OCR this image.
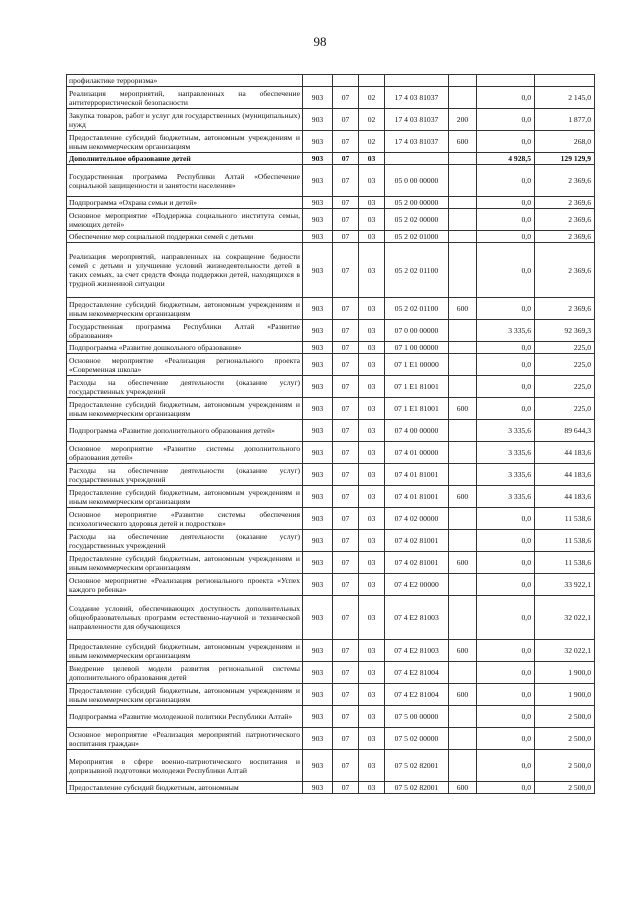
98
профилактике терроризма»							
Реализация мероприятий, направленных на обеспечение антитеррористической безопасности	903	07	02	17 4 03 81037		0,0	2 145,0
Закупка товаров, работ и услуг для государственных (муниципальных) нужд	903	07	02	17 4 03 81037	200	0,0	1 877,0
Предоставление субсидий бюджетным, автономным учреждениям и иным некоммерческим организациям	903	07	02	17 4 03 81037	600	0,0	268,0
Дополнительное образование детей	903	07	03			4 928,5	129 129,9
Государственная программа Республики Алтай «Обеспечение социальной защищенности и занятости населения»	903	07	03	05 0 00 00000		0,0	2 369,6
Подпрограмма «Охрана семьи и детей»	903	07	03	05 2 00 00000		0,0	2 369,6
Основное мероприятие «Поддержка социального института семьи, имеющих детей»	903	07	03	05 2 02 00000		0,0	2 369,6
Обеспечение мер социальной поддержки семей с детьми	903	07	03	05 2 02 01000		0,0	2 369,6
Реализация мероприятий, направленных на сокращение бедности семей с детьми и улучшение условий жизнедеятельности детей в таких семьях, за счет средств Фонда поддержки детей, находящихся в трудной жизненной ситуации	903	07	03	05 2 02 01100		0,0	2 369,6
Предоставление субсидий бюджетным, автономным учреждениям и иным некоммерческим организациям	903	07	03	05 2 02 01100	600	0,0	2 369,6
Государственная программа Республики Алтай «Развитие образования»	903	07	03	07 0 00 00000		3 335,6	92 369,3
Подпрограмма «Развитие дошкольного образования»	903	07	03	07 1 00 00000		0,0	225,0
Основное мероприятие «Реализация регионального проекта «Современная школа»	903	07	03	07 1 E1 00000		0,0	225,0
Расходы на обеспечение деятельности (оказание услуг) государственных учреждений	903	07	03	07 1 E1 81001		0,0	225,0
Предоставление субсидий бюджетным, автономным учреждениям и иным некоммерческим организациям	903	07	03	07 1 E1 81001	600	0,0	225,0
Подпрограмма «Развитие дополнительного образования детей»	903	07	03	07 4 00 00000		3 335,6	89 644,3
Основное мероприятие «Развитие системы дополнительного образования детей»	903	07	03	07 4 01 00000		3 335,6	44 183,6
Расходы на обеспечение деятельности (оказание услуг) государственных учреждений	903	07	03	07 4 01 81001		3 335,6	44 183,6
Предоставление субсидий бюджетным, автономным учреждениям и иным некоммерческим организациям	903	07	03	07 4 01 81001	600	3 335,6	44 183,6
Основное мероприятие «Развитие системы обеспечения психологического здоровья детей и подростков»	903	07	03	07 4 02 00000		0,0	11 538,6
Расходы на обеспечение деятельности (оказание услуг) государственных учреждений	903	07	03	07 4 02 81001		0,0	11 538,6
Предоставление субсидий бюджетным, автономным учреждениям и иным некоммерческим организациям	903	07	03	07 4 02 81001	600	0,0	11 538,6
Основное мероприятие «Реализация регионального проекта «Успех каждого ребенка»	903	07	03	07 4 E2 00000		0,0	33 922,1
Создание условий, обеспечивающих доступность дополнительных общеобразовательных программ естественно-научной и технической направленности для обучающихся	903	07	03	07 4 E2 81003		0,0	32 022,1
Предоставление субсидий бюджетным, автономным учреждениям и иным некоммерческим организациям	903	07	03	07 4 E2 81003	600	0,0	32 022,1
Внедрение целевой модели развития региональной системы дополнительного образования детей	903	07	03	07 4 E2 81004		0,0	1 900,0
Предоставление субсидий бюджетным, автономным учреждениям и иным некоммерческим организациям	903	07	03	07 4 E2 81004	600	0,0	1 900,0
Подпрограмма «Развитие молодежной политики Республики Алтай»	903	07	03	07 5 00 00000		0,0	2 500,0
Основное мероприятие «Реализация мероприятий патриотического воспитания граждан»	903	07	03	07 5 02 00000		0,0	2 500,0
Мероприятия в сфере военно-патриотического воспитания и допризывной подготовки молодежи Республики Алтай	903	07	03	07 5 02 82001		0,0	2 500,0
Предоставление субсидий бюджетным, автономным	903	07	03	07 5 02 82001	600	0,0	2 500,0
